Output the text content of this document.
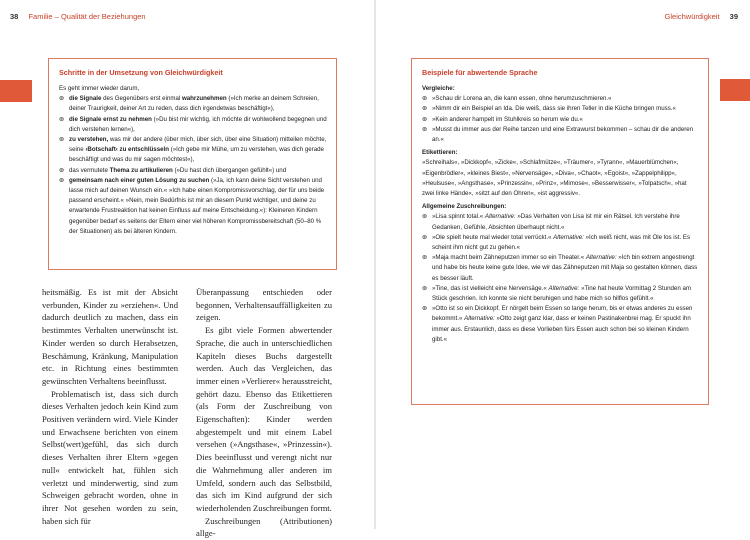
38 Familie – Qualität der Beziehungen
Schritte in der Umsetzung von Gleichwürdigkeit

Es geht immer wieder darum,

⊛ die Signale des Gegenübers erst einmal wahrzunehmen (»Ich merke an deinem Schreien, deiner Traurigkeit, deiner Art zu reden, dass dich irgendetwas beschäftigt«),

⊛ die Signale ernst zu nehmen (»Du bist mir wichtig, ich möchte dir wohlwollend begegnen und dich verstehen lernen«),

⊛ zu verstehen, was mir der andere (über mich, über sich, über eine Situation) mitteilen möchte, seine ›Botschaft‹ zu entschlüsseln (»Ich gebe mir Mühe, um zu verstehen, was dich gerade beschäftigt und was du mir sagen möchtest«),

⊛ das vermutete Thema zu artikulieren (»Du hast dich übergangen gefühlt«) und

⊛ gemeinsam nach einer guten Lösung zu suchen (»Ja, ich kann deine Sicht verstehen und lasse mich auf deinen Wunsch ein.« »Ich habe einen Kompromissvorschlag, der für uns beide passend erscheint.« »Nein, mein Bedürfnis ist mir an diesem Punkt wichtiger, und deine zu erwartende Frustreaktion hat keinen Einfluss auf meine Entscheidung.«): Kleineren Kindern gegenüber bedarf es seitens der Eltern einer viel höheren Kompromissbereitschaft (50–80 % der Situationen) als bei älteren Kindern.

heitsmäßig. Es ist mit der Absicht verbunden, Kinder zu »erziehen«. Und dadurch deutlich zu machen, dass ein bestimmtes Verhalten unerwünscht ist. Kinder werden so durch Herabsetzen, Beschämung, Kränkung, Manipulation etc. in Richtung eines bestimmten gewünschten Verhaltens beeinflusst.

Problematisch ist, dass sich durch dieses Verhalten jedoch kein Kind zum Positiven verändern wird. Viele Kinder und Erwachsene berichten von einem Selbst(wert)gefühl, das sich durch dieses Verhalten ihrer Eltern »gegen null« entwickelt hat, fühlen sich verletzt und minderwertig, sind zum Schweigen gebracht worden, ohne in ihrer Not gesehen worden zu sein, haben sich für

Überanpassung entschieden oder begonnen, Verhaltensauffälligkeiten zu zeigen.

Es gibt viele Formen abwertender Sprache, die auch in unterschiedlichen Kapiteln dieses Buchs dargestellt werden. Auch das Vergleichen, das immer einen »Verlierer« herausstreicht, gehört dazu. Ebenso das Etikettieren (als Form der Zuschreibung von Eigenschaften): Kinder werden abgestempelt und mit einem Label versehen (»Angsthase«, »Prinzessin«). Dies beeinflusst und verengt nicht nur die Wahrnehmung aller anderen im Umfeld, sondern auch das Selbstbild, das sich im Kind aufgrund der sich wiederholenden Zuschreibungen formt.

Zuschreibungen (Attributionen) allge-

Gleichwürdigkeit 39
Beispiele für abwertende Sprache

Vergleiche:

⊛ »Schau dir Lorena an, die kann essen, ohne herumzuschmieren.«

⊛ »Nimm dir ein Beispiel an Ida. Die weiß, dass sie ihren Teller in die Küche bringen muss.«

⊛ »Kein anderer hampelt im Stuhlkreis so herum wie du.«

⊛ »Musst du immer aus der Reihe tanzen und eine Extrawurst bekommen – schau dir die anderen an.«

Etikettieren:

»Schreihals«, »Dickkopf«, »Zicke«, »Schlafmütze«, »Träumer«, »Tyrann«, »Mauerblümchen«, »Eigenbrödler«, »kleines Biest«, »Nervensäge«, »Diva«, »Chaot«, »Egoist«, »Zappelphilipp«, »Heulsuse«, »Angsthase«, »Prinzessin«, »Prinz«, »Mimose«, »Besserwisser«, »Tolpatsch«, »hat zwei linke Hände«, »sitzt auf den Ohren«, »ist aggressiv«.

Allgemeine Zuschreibungen:

⊛ »Lisa spinnt total.« Alternative: »Das Verhalten von Lisa ist mir ein Rätsel. Ich verstehe ihre Gedanken, Gefühle, Absichten überhaupt nicht.«

⊛ »Ole spielt heute mal wieder total verrückt.« Alternative: »Ich weiß nicht, was mit Ole los ist. Es scheint ihm nicht gut zu gehen.«

⊛ »Maja macht beim Zähneputzen immer so ein Theater.« Alternative: »Ich bin extrem angestrengt und habe bis heute keine gute Idee, wie wir das Zähneputzen mit Maja so gestalten können, dass es besser läuft.

⊛ »Tine, das ist vielleicht eine Nervensäge.« Alternative: »Tine hat heute Vormittag 2 Stunden am Stück geschrien. Ich konnte sie nicht beruhigen und habe mich so hilflos gefühlt.«

⊛ »Otto ist so ein Dickkopf. Er nörgelt beim Essen so lange herum, bis er etwas anderes zu essen bekommt.« Alternative: »Otto zeigt ganz klar, dass er keinen Pastinakenbrei mag. Er spuckt ihn immer aus. Erstaunlich, dass es diese Vorlieben fürs Essen auch schon bei so kleinen Kindern gibt.«
